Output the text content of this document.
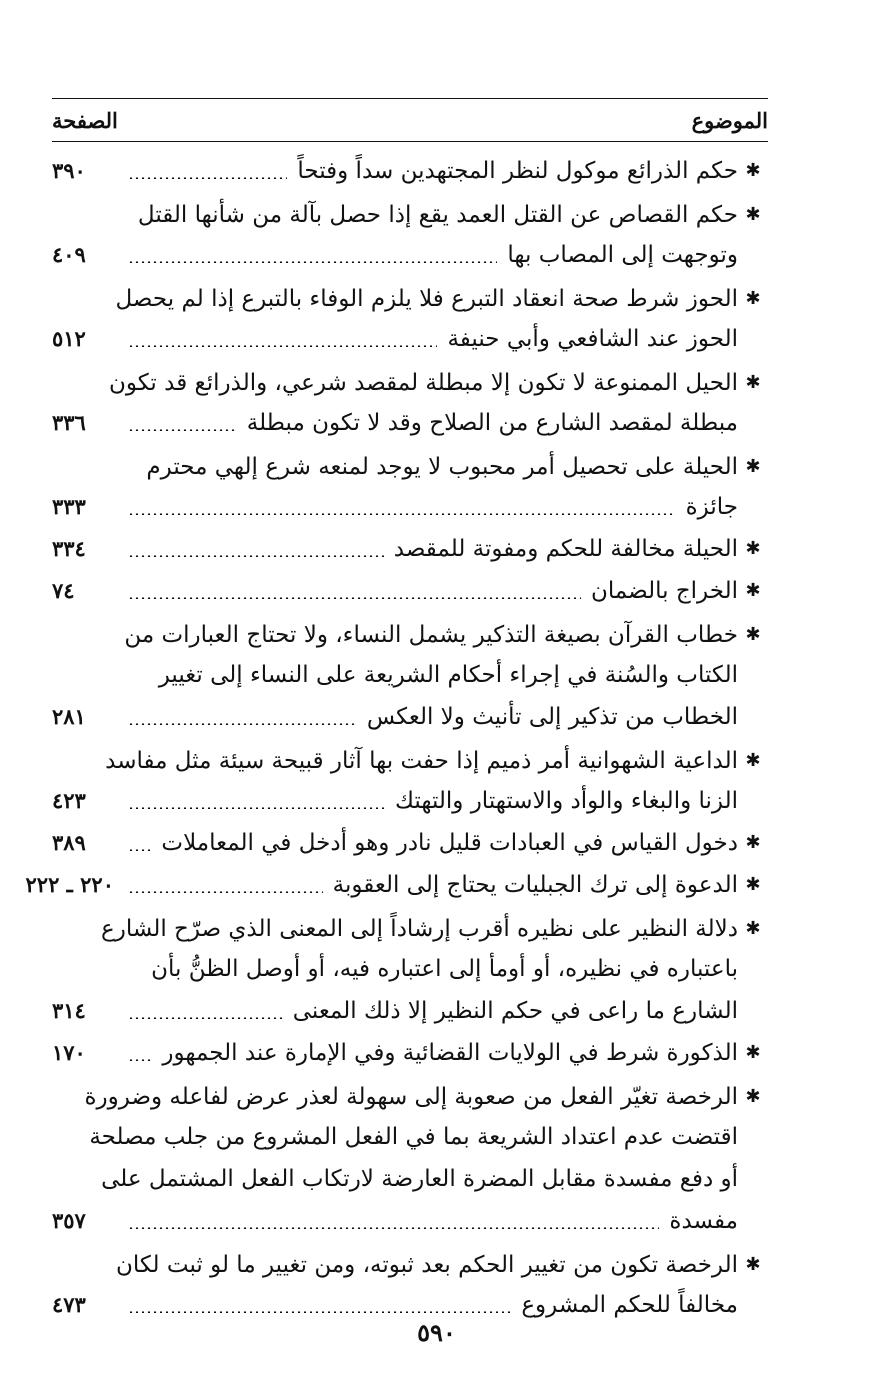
الموضوع
الصفحة
✱
حكم الذرائع موكول لنظر المجتهدين سداً وفتحاً
٣٩٠
✱
حكم القصاص عن القتل العمد يقع إذا حصل بآلة من شأنها القتل
وتوجهت إلى المصاب بها
٤٠٩
✱
الحوز شرط صحة انعقاد التبرع فلا يلزم الوفاء بالتبرع إذا لم يحصل
الحوز عند الشافعي وأبي حنيفة
٥١٢
✱
الحيل الممنوعة لا تكون إلا مبطلة لمقصد شرعي، والذرائع قد تكون
مبطلة لمقصد الشارع من الصلاح وقد لا تكون مبطلة
٣٣٦
✱
الحيلة على تحصيل أمر محبوب لا يوجد لمنعه شرع إلهي محترم
جائزة
٣٣٣
✱
الحيلة مخالفة للحكم ومفوتة للمقصد
٣٣٤
✱
الخراج بالضمان
٧٤
✱
خطاب القرآن بصيغة التذكير يشمل النساء، ولا تحتاج العبارات من
الكتاب والسُنة في إجراء أحكام الشريعة على النساء إلى تغيير
الخطاب من تذكير إلى تأنيث ولا العكس
٢٨١
✱
الداعية الشهوانية أمر ذميم إذا حفت بها آثار قبيحة سيئة مثل مفاسد
الزنا والبغاء والوأد والاستهتار والتهتك
٤٢٣
✱
دخول القياس في العبادات قليل نادر وهو أدخل في المعاملات
٣٨٩
✱
الدعوة إلى ترك الجبليات يحتاج إلى العقوبة
٢٢٠ ـ ٢٢٢
✱
دلالة النظير على نظيره أقرب إرشاداً إلى المعنى الذي صرّح الشارع
باعتباره في نظيره، أو أومأ إلى اعتباره فيه، أو أوصل الظنُّ بأن
الشارع ما راعى في حكم النظير إلا ذلك المعنى
٣١٤
✱
الذكورة شرط في الولايات القضائية وفي الإمارة عند الجمهور
١٧٠
✱
الرخصة تغيّر الفعل من صعوبة إلى سهولة لعذر عرض لفاعله وضرورة
اقتضت عدم اعتداد الشريعة بما في الفعل المشروع من جلب مصلحة
أو دفع مفسدة مقابل المضرة العارضة لارتكاب الفعل المشتمل على
مفسدة
٣٥٧
✱
الرخصة تكون من تغيير الحكم بعد ثبوته، ومن تغيير ما لو ثبت لكان
مخالفاً للحكم المشروع
٤٧٣
٥٩٠
